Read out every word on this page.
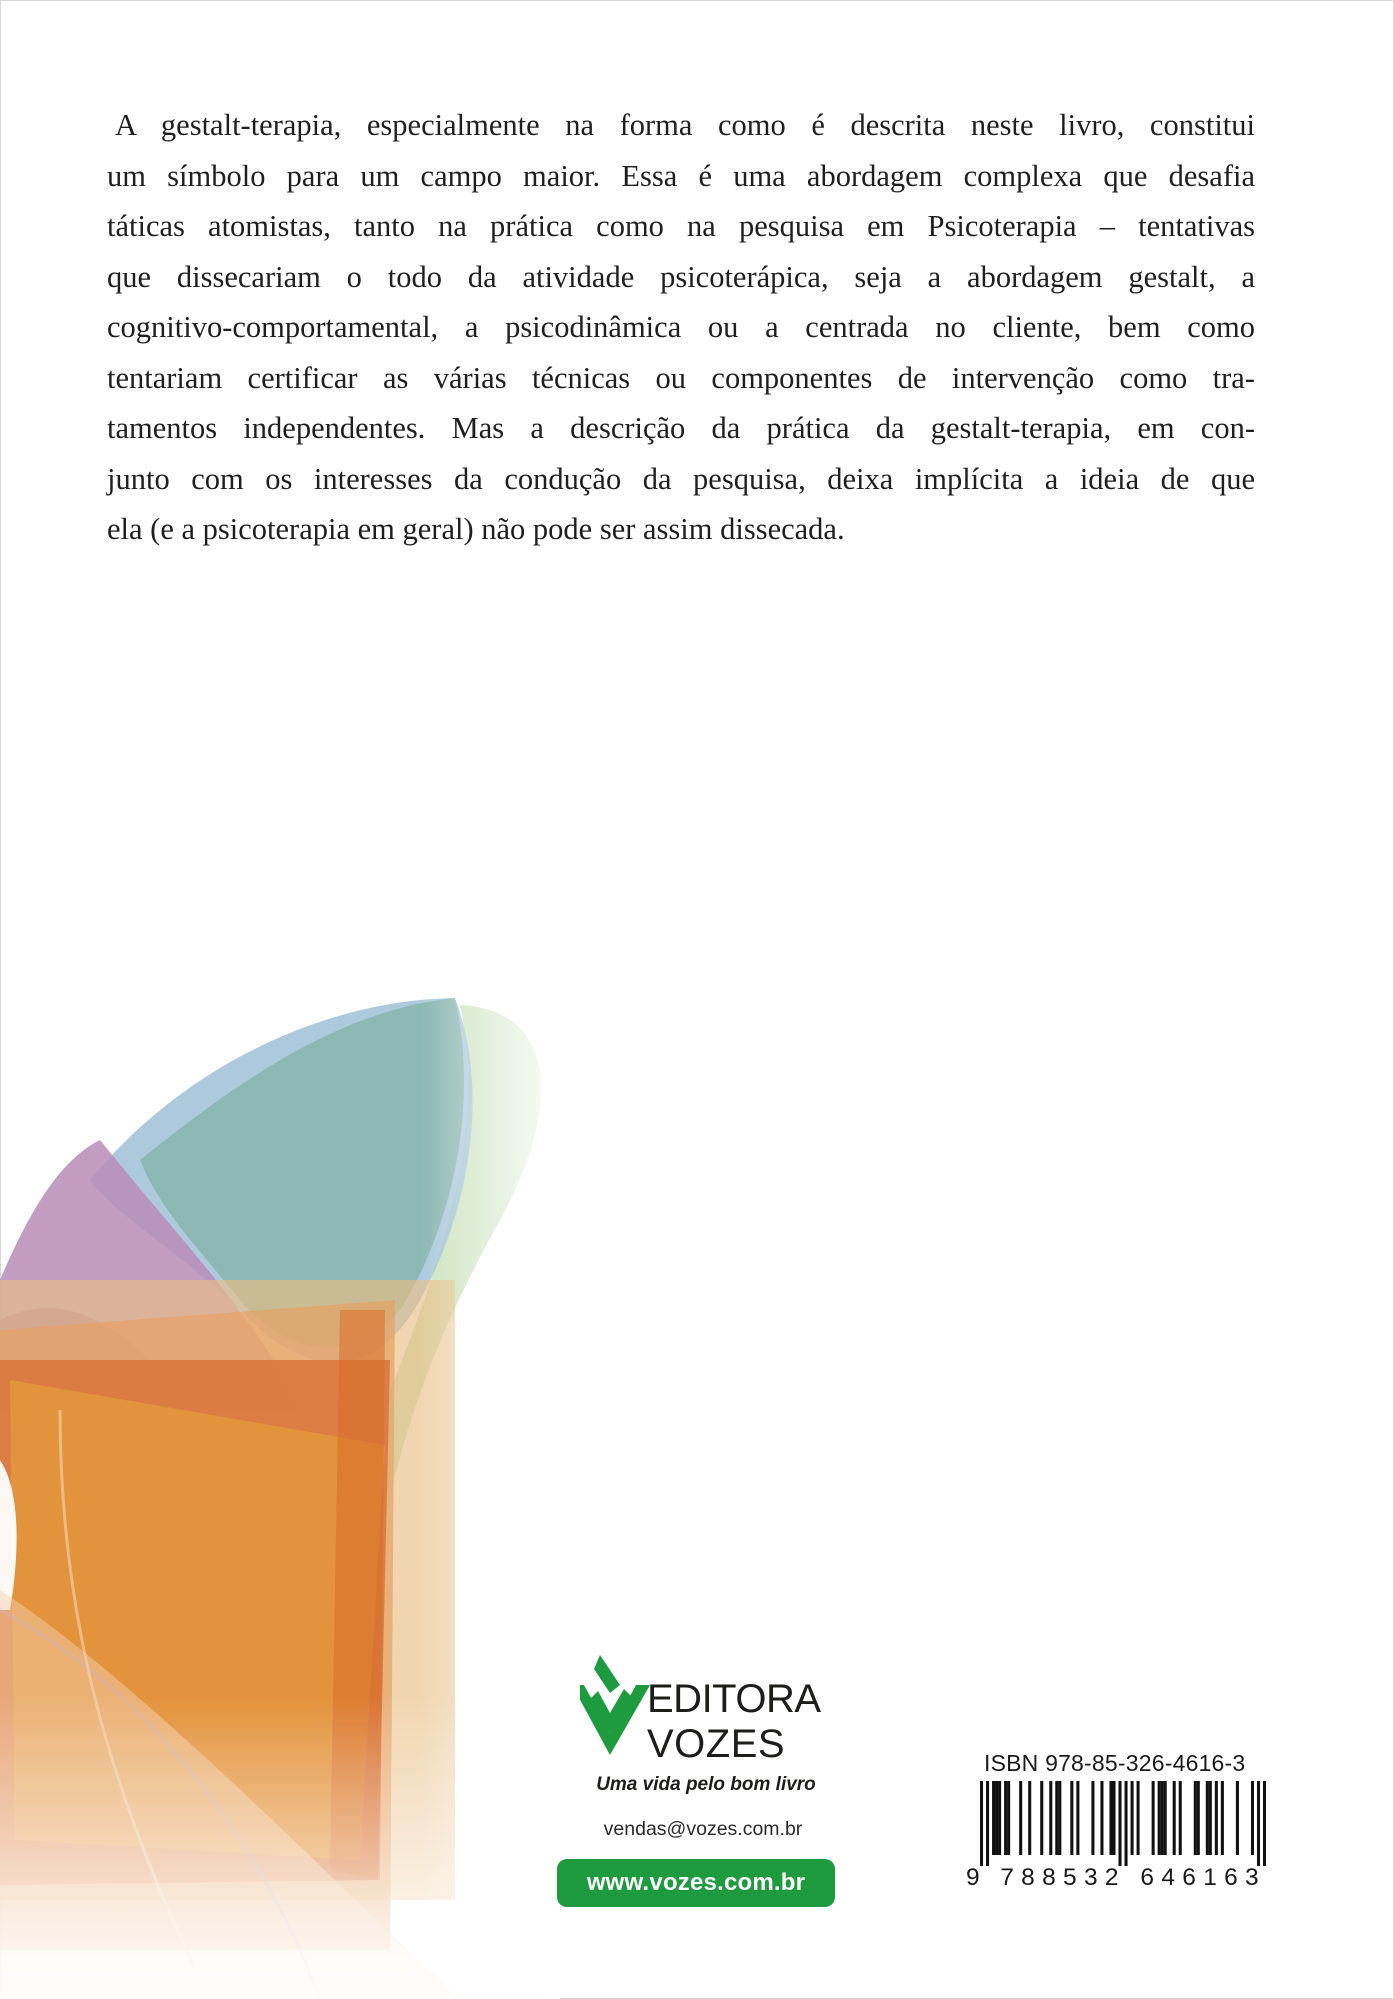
A gestalt-terapia, especialmente na forma como é descrita neste livro, constitui
um símbolo para um campo maior. Essa é uma abordagem complexa que desafia
táticas atomistas, tanto na prática como na pesquisa em Psicoterapia – tentativas
que dissecariam o todo da atividade psicoterápica, seja a abordagem gestalt, a
cognitivo-comportamental, a psicodinâmica ou a centrada no cliente, bem como
tentariam certificar as várias técnicas ou componentes de intervenção como tra-
tamentos independentes. Mas a descrição da prática da gestalt-terapia, em con-
junto com os interesses da condução da pesquisa, deixa implícita a ideia de que
ela (e a psicoterapia em geral) não pode ser assim dissecada.
EDITORA
VOZES
Uma vida pelo bom livro
vendas@vozes.com.br
www.vozes.com.br
ISBN 978-85-326-4616-3
9 788532 646163
